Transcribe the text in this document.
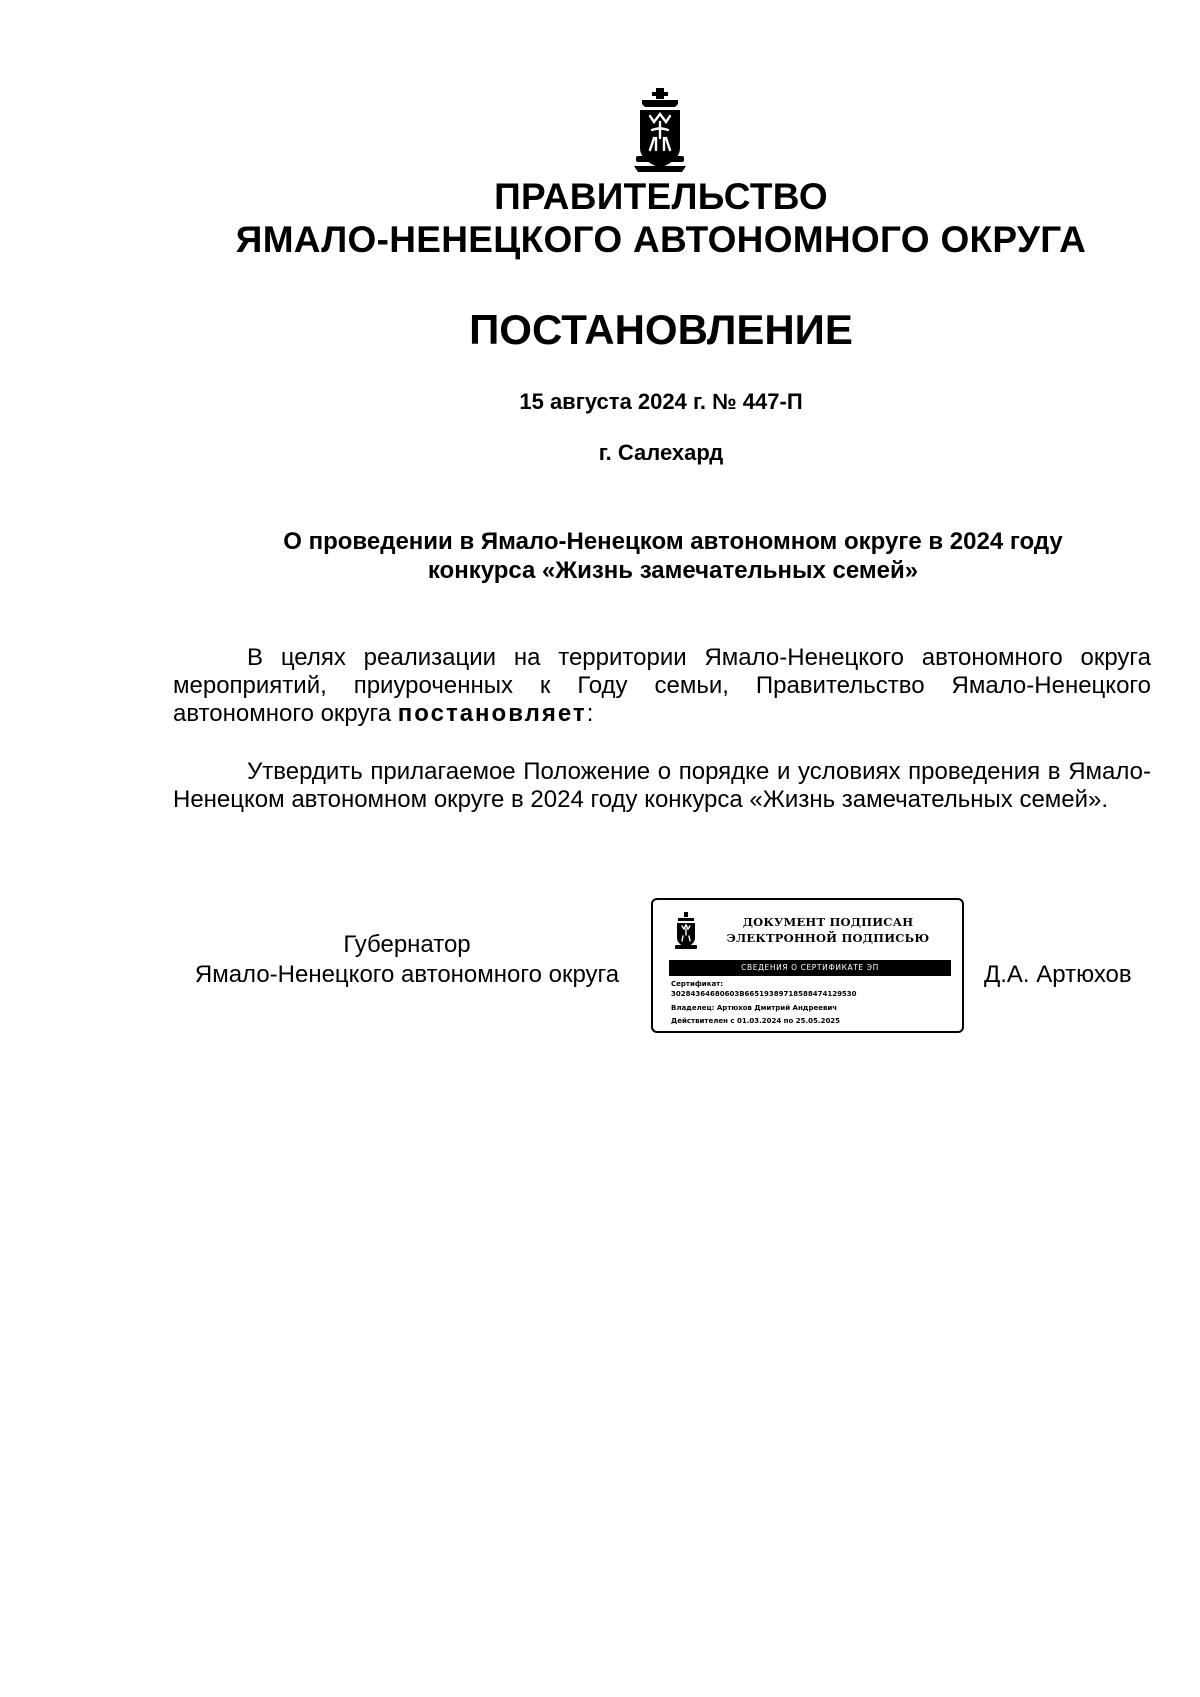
ПРАВИТЕЛЬСТВО
ЯМАЛО-НЕНЕЦКОГО АВТОНОМНОГО ОКРУГА
ПОСТАНОВЛЕНИЕ
15 августа 2024 г. № 447-П
г. Салехард
О проведении в Ямало-Ненецком автономном округе в 2024 году
конкурса «Жизнь замечательных семей»

В целях реализации на территории Ямало-Ненецкого автономного округа мероприятий, приуроченных к Году семьи, Правительство Ямало-Ненецкого автономного округа постановляет:

Утвердить прилагаемое Положение о порядке и условиях проведения в Ямало-Ненецком автономном округе в 2024 году конкурса «Жизнь замечательных семей».

Губернатор
Ямало-Ненецкого автономного округа
ДОКУМЕНТ ПОДПИСАН
ЭЛЕКТРОННОЙ ПОДПИСЬЮ
СВЕДЕНИЯ О СЕРТИФИКАТЕ ЭП
Сертификат:
30284364680603B66519389718588474129530
Владелец: Артюхов Дмитрий Андреевич
Действителен с 01.03.2024 по 25.05.2025
Д.А. Артюхов
